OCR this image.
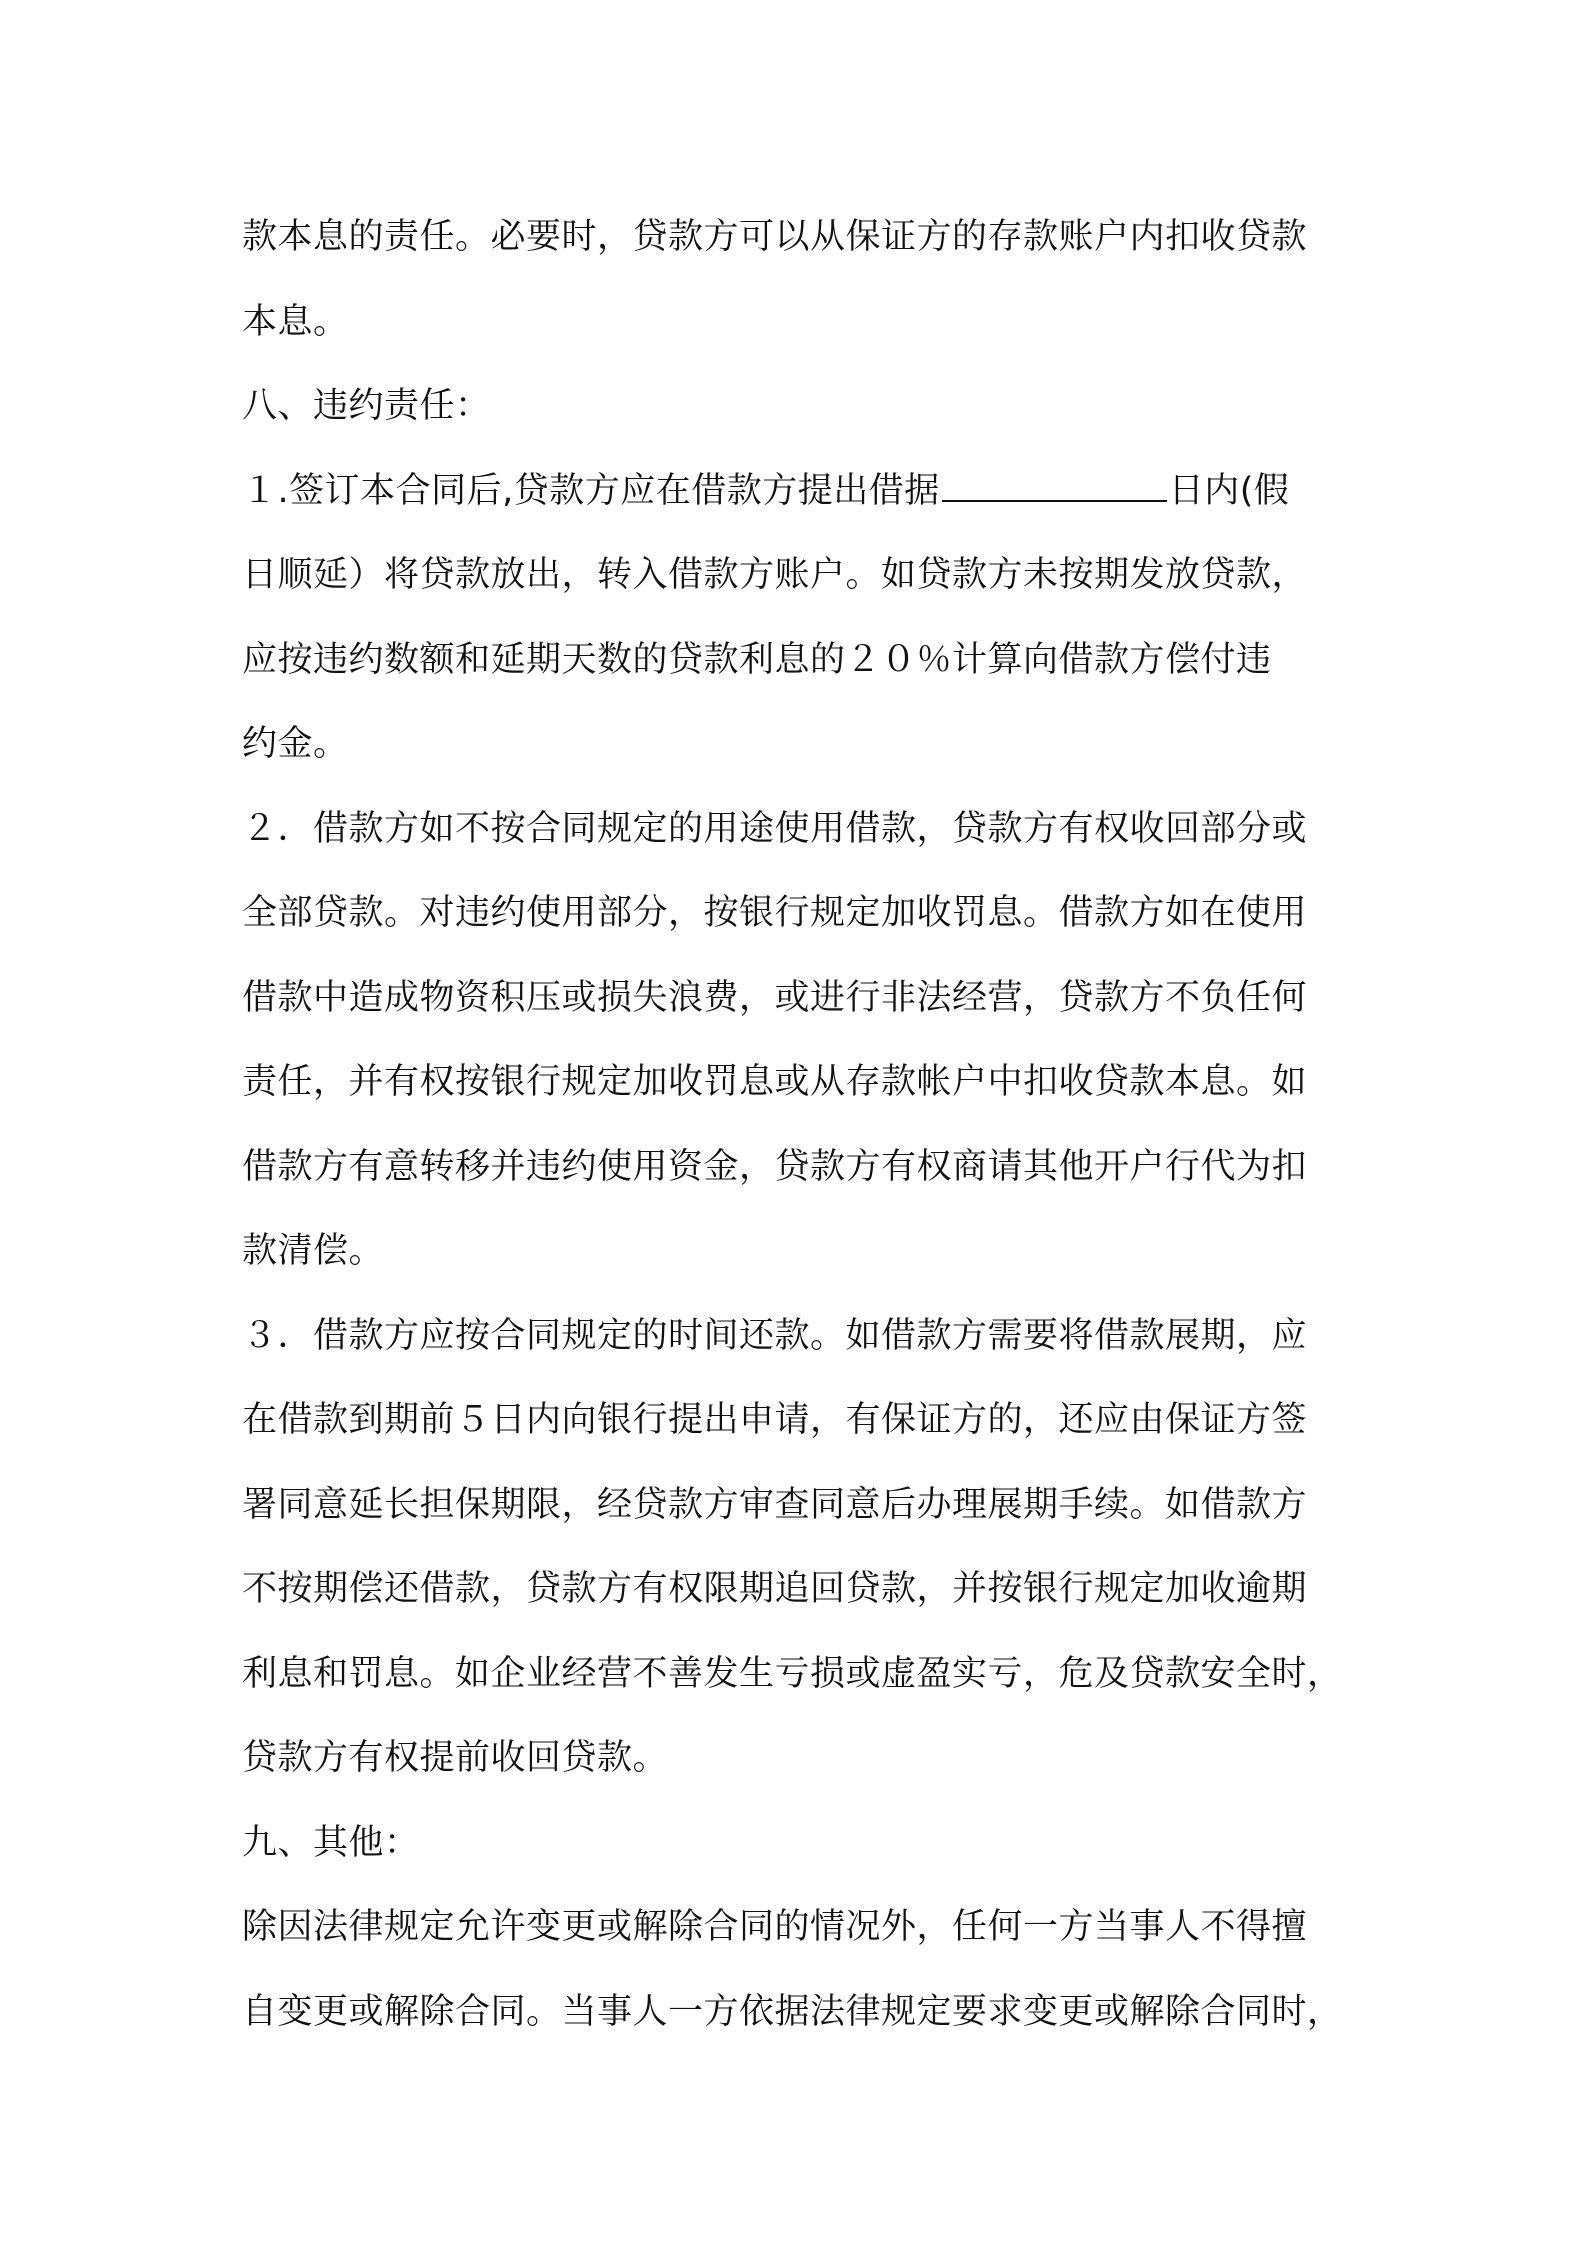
款本息的责任。必要时，贷款方可以从保证方的存款账户内扣收贷款
本息。
八、违约责任：
１.签订本合同后,贷款方应在借款方提出借据	日内(假
日顺延）将贷款放出，转入借款方账户。如贷款方未按期发放贷款，
应按违约数额和延期天数的贷款利息的２０％计算向借款方偿付违
约金。
２．借款方如不按合同规定的用途使用借款，贷款方有权收回部分或
全部贷款。对违约使用部分，按银行规定加收罚息。借款方如在使用
借款中造成物资积压或损失浪费，或进行非法经营，贷款方不负任何
责任，并有权按银行规定加收罚息或从存款帐户中扣收贷款本息。如
借款方有意转移并违约使用资金，贷款方有权商请其他开户行代为扣
款清偿。
３．借款方应按合同规定的时间还款。如借款方需要将借款展期，应
在借款到期前５日内向银行提出申请，有保证方的，还应由保证方签
署同意延长担保期限，经贷款方审查同意后办理展期手续。如借款方
不按期偿还借款，贷款方有权限期追回贷款，并按银行规定加收逾期
利息和罚息。如企业经营不善发生亏损或虚盈实亏，危及贷款安全时，
贷款方有权提前收回贷款。
九、其他：
除因法律规定允许变更或解除合同的情况外，任何一方当事人不得擅
自变更或解除合同。当事人一方依据法律规定要求变更或解除合同时，
